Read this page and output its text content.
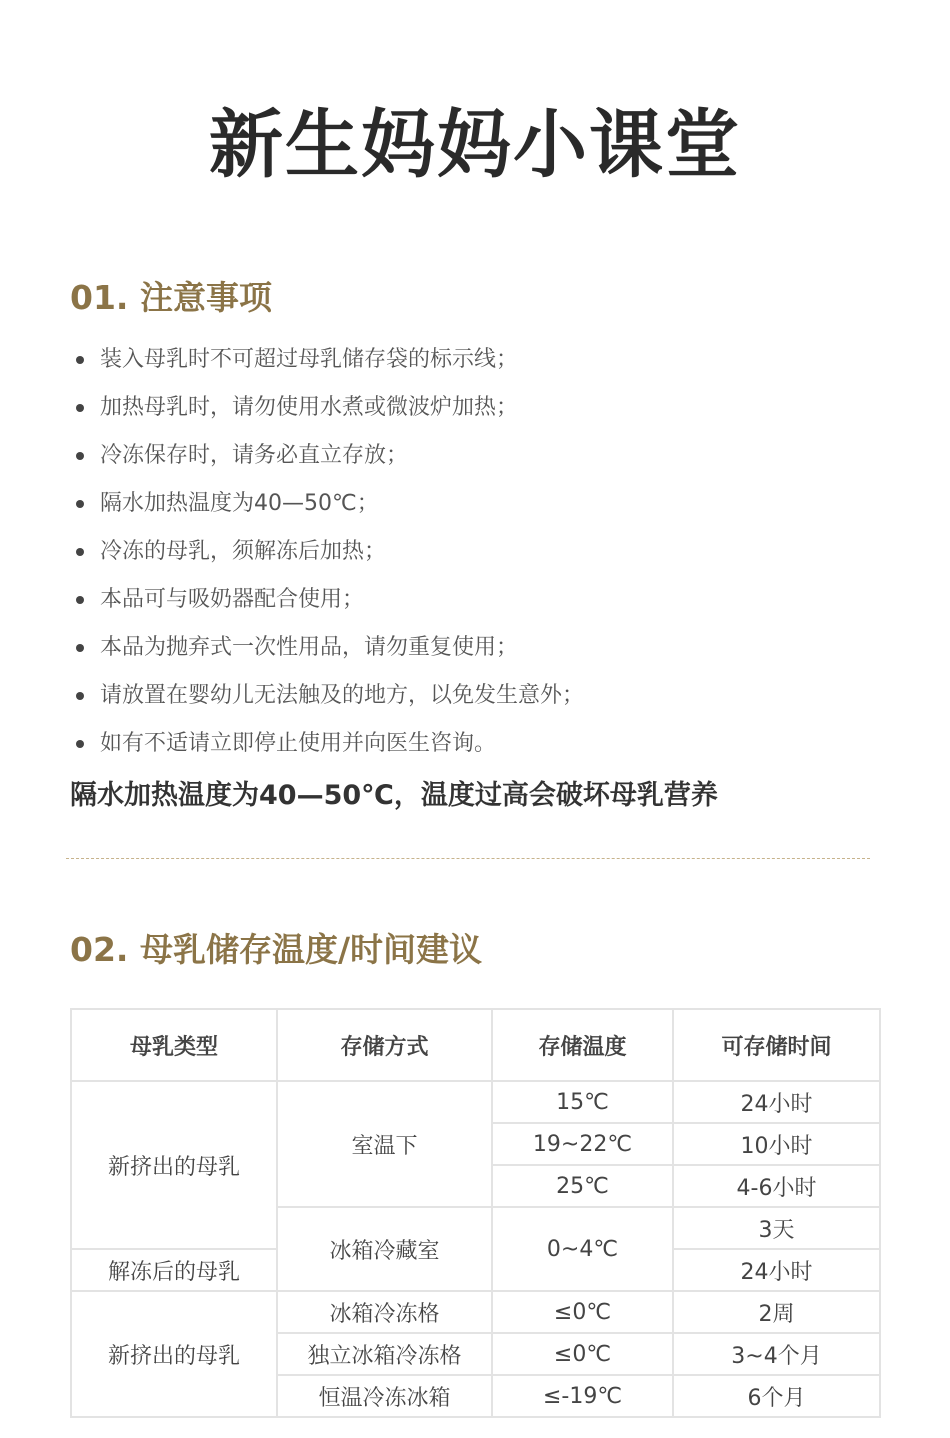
新生妈妈小课堂
01. 注意事项
装入母乳时不可超过母乳储存袋的标示线；
加热母乳时，请勿使用水煮或微波炉加热；
冷冻保存时，请务必直立存放；
隔水加热温度为40—50℃；
冷冻的母乳，须解冻后加热；
本品可与吸奶器配合使用；
本品为抛弃式一次性用品，请勿重复使用；
请放置在婴幼儿无法触及的地方，以免发生意外；
如有不适请立即停止使用并向医生咨询。
隔水加热温度为40—50℃，温度过高会破坏母乳营养
02. 母乳储存温度/时间建议
母乳类型	存储方式	存储温度	可存储时间
新挤出的母乳	室温下	15℃	24小时
		19~22℃	10小时
		25℃	4-6小时
	冰箱冷藏室	0~4℃	3天
解冻后的母乳			24小时
新挤出的母乳	冰箱冷冻格	≤0℃	2周
	独立冰箱冷冻格	≤0℃	3~4个月
	恒温冷冻冰箱	≤-19℃	6个月
